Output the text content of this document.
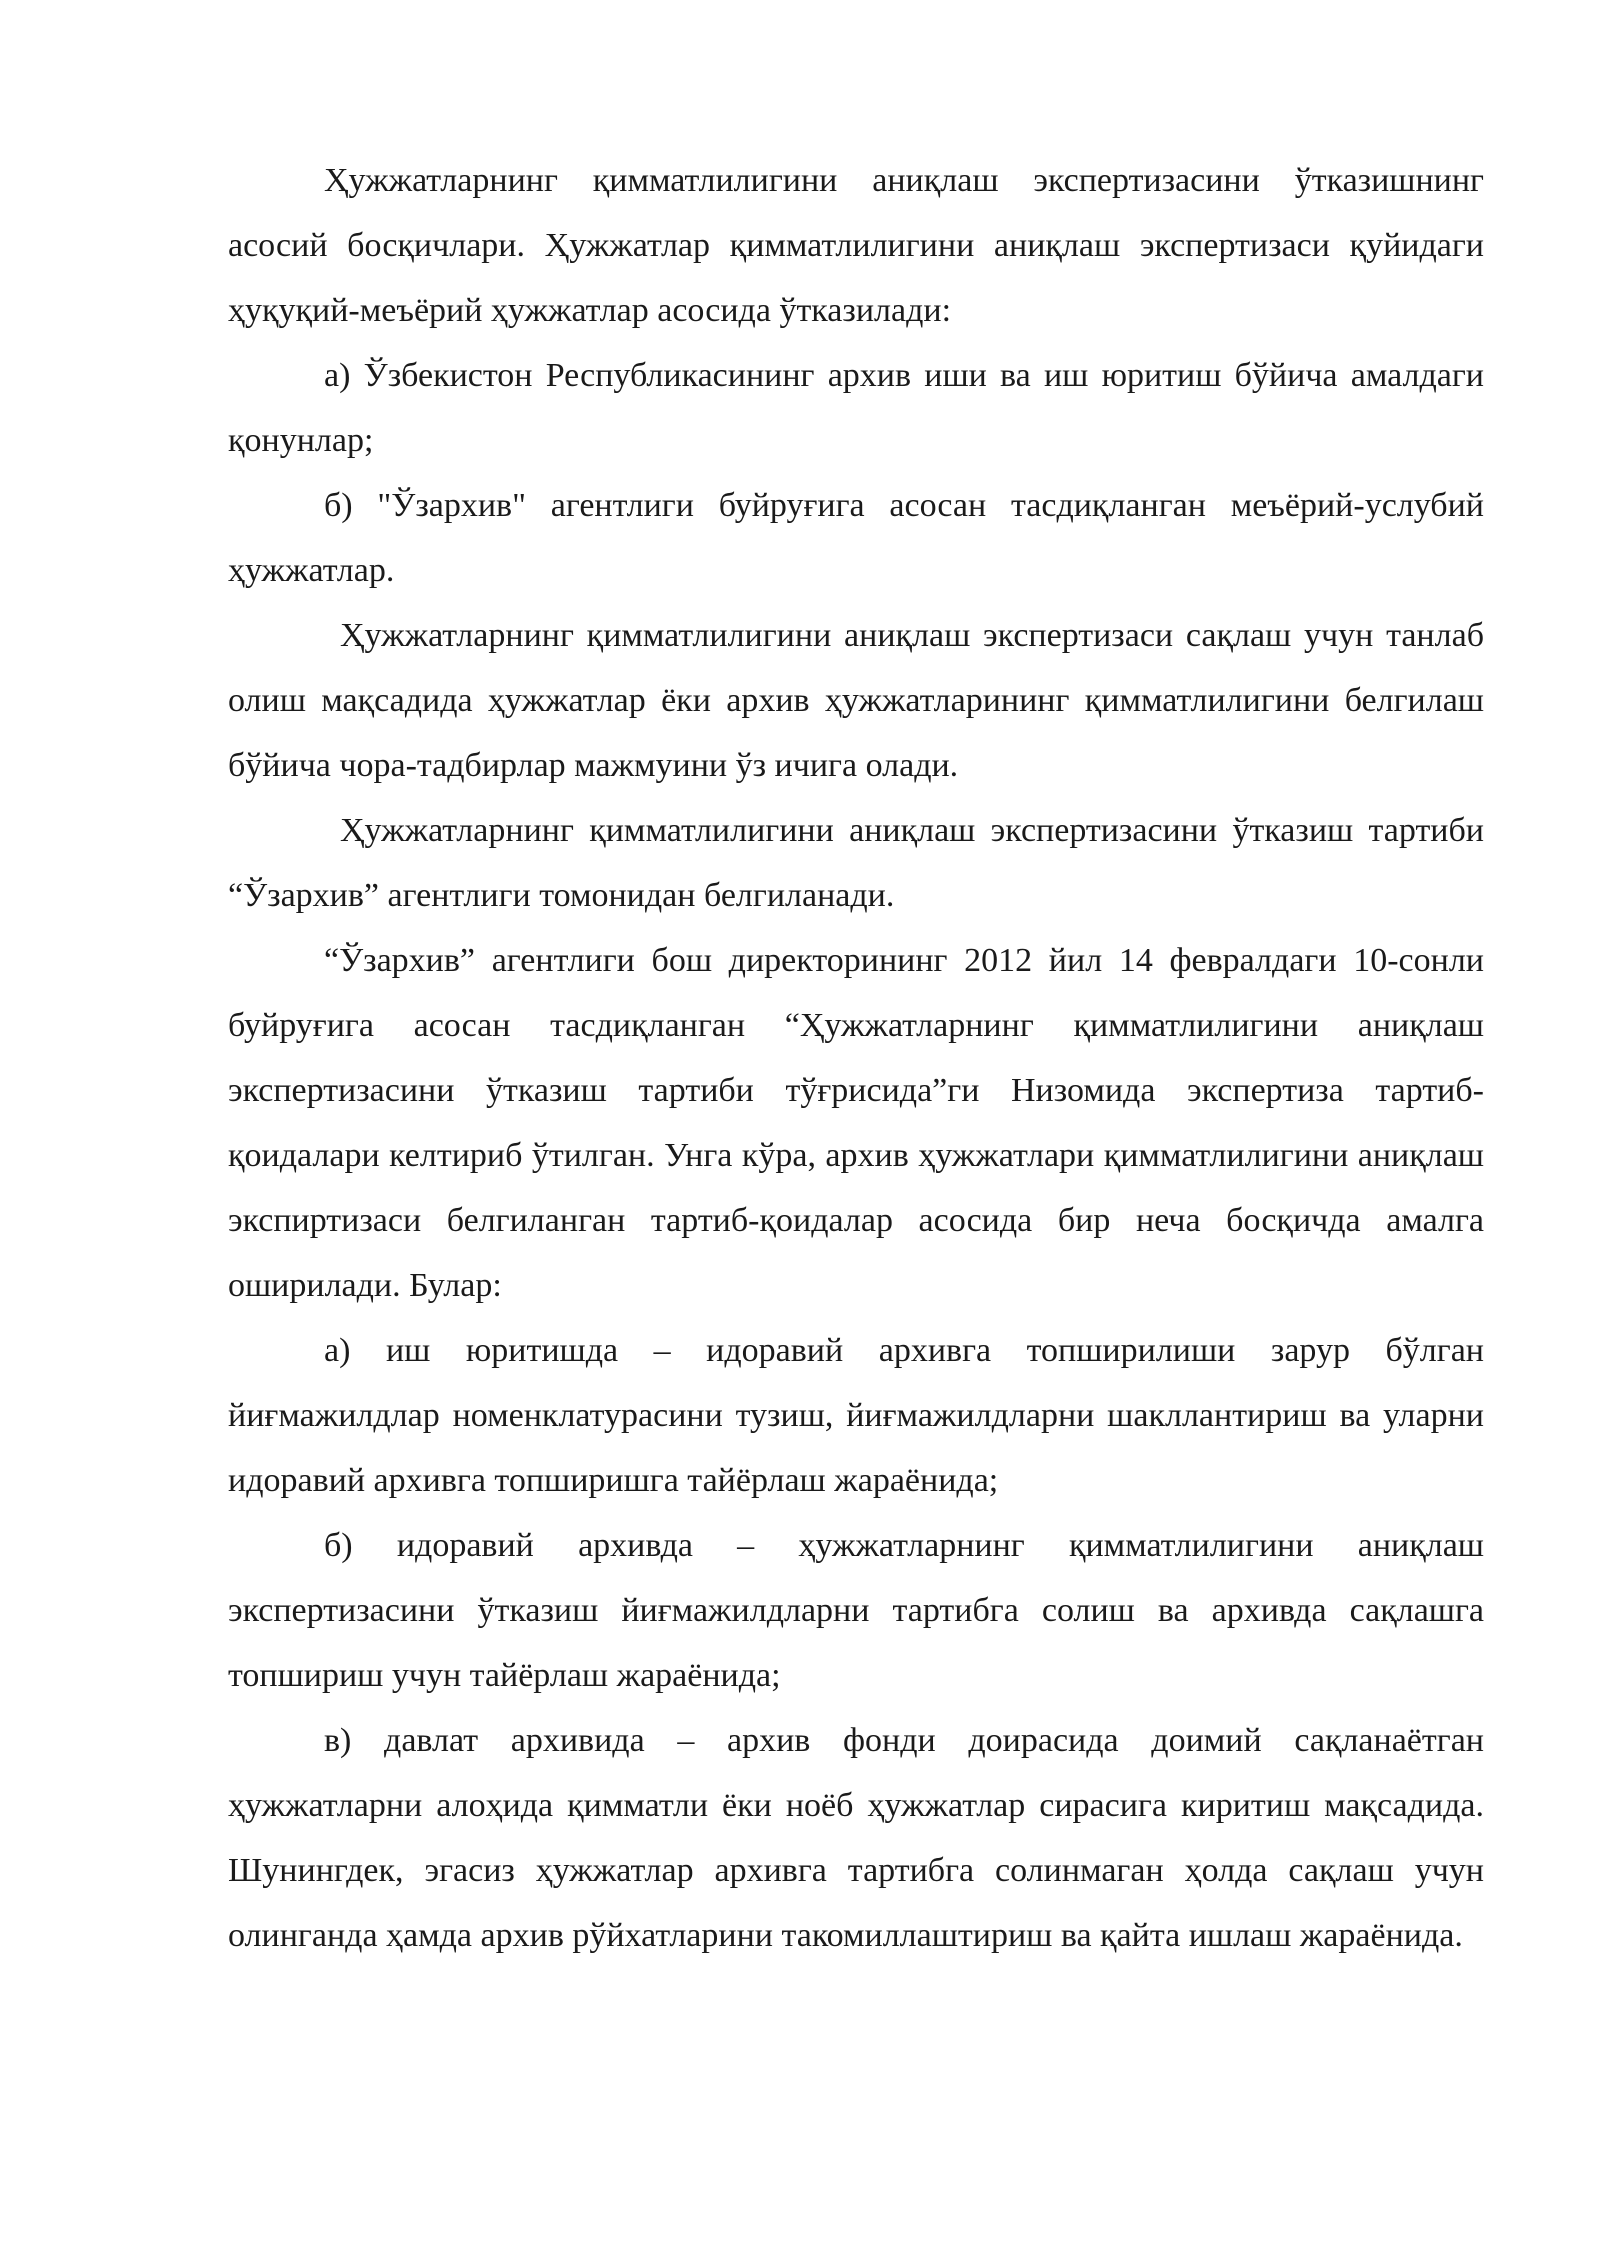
Ҳужжатларнинг қимматлилигини аниқлаш экспертизасини ўтказишнинг асосий босқичлари. Ҳужжатлар қимматлилигини аниқлаш экспертизаси қуйидаги ҳуқуқий-меъёрий ҳужжатлар асосида ўтказилади:

а) Ўзбекистон Республикасининг архив иши ва иш юритиш бўйича амалдаги қонунлар;

б) "Ўзархив" агентлиги буйруғига асосан тасдиқланган меъёрий-услубий ҳужжатлар.

Ҳужжатларнинг қимматлилигини аниқлаш экспертизаси сақлаш учун танлаб олиш мақсадида ҳужжатлар ёки архив ҳужжатларининг қимматлилигини белгилаш бўйича чора-тадбирлар мажмуини ўз ичига олади.

Ҳужжатларнинг қимматлилигини аниқлаш экспертизасини ўтказиш тартиби “Ўзархив” агентлиги томонидан белгиланади.

“Ўзархив” агентлиги бош директорининг 2012 йил 14 февралдаги 10-сонли буйруғига асосан тасдиқланган “Ҳужжатларнинг қимматлилигини аниқлаш экспертизасини ўтказиш тартиби тўғрисида”ги Низомида экспертиза тартиб-қоидалари келтириб ўтилган. Унга кўра, архив ҳужжатлари қимматлилигини аниқлаш экспиртизаси белгиланган тартиб-қоидалар асосида бир неча босқичда амалга оширилади. Булар:

а) иш юритишда – идоравий архивга топширилиши зарур бўлган йиғмажилдлар номенклатурасини тузиш, йиғмажилдларни шакллантириш ва уларни идоравий архивга топширишга тайёрлаш жараёнида;

б) идоравий архивда – ҳужжатларнинг қимматлилигини аниқлаш экспертизасини ўтказиш йиғмажилдларни тартибга солиш ва архивда сақлашга топшириш учун тайёрлаш жараёнида;

в) давлат архивида – архив фонди доирасида доимий сақланаётган ҳужжатларни алоҳида қимматли ёки ноёб ҳужжатлар сирасига киритиш мақсадида. Шунингдек, эгасиз ҳужжатлар архивга тартибга солинмаган ҳолда сақлаш учун олинганда ҳамда архив рўйхатларини такомиллаштириш ва қайта ишлаш жараёнида.
